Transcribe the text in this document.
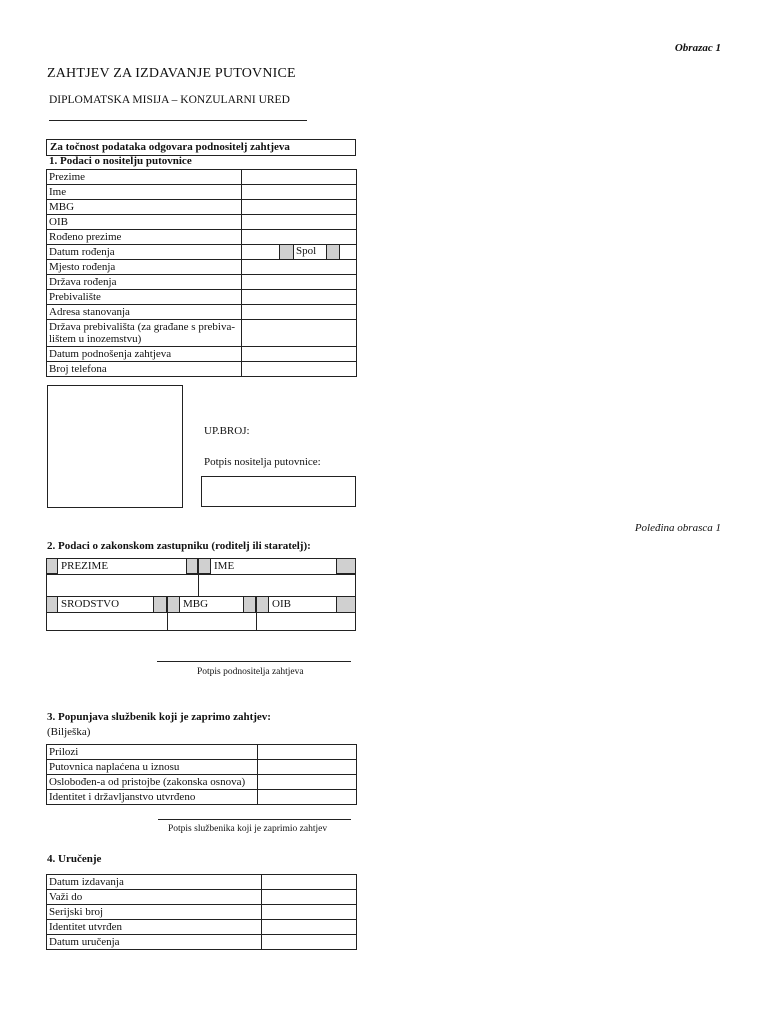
Obrazac 1
ZAHTJEV ZA IZDAVANJE PUTOVNICE
DIPLOMATSKA MISIJA – KONZULARNI URED
Za točnost podataka odgovara podnositelj zahtjeva
1. Podaci o nositelju putovnice
Prezime	
Ime	
MBG	
OIB	
Rođeno prezime	
Datum rođenja	Spol

Mjesto rođenja	
Država rođenja	
Prebivalište	
Adresa stanovanja	
Država prebivališta (za građane s prebiva- lištem u inozemstvu)	
Datum podnošenja zahtjeva	
Broj telefona	
UP.BROJ:
Potpis nositelja putovnice:
Poleđina obrasca 1
2. Podaci o zakonskom zastupniku (roditelj ili staratelj):
PREZIME	IME
SRODSTVO	MBG	OIB
Potpis podnositelja zahtjeva
3. Popunjava službenik koji je zaprimo zahtjev:
(Bilješka)
Prilozi	
Putovnica naplaćena u iznosu	
Oslobođen-a od pristojbe (zakonska osnova)	
Identitet i državljanstvo utvrđeno	
Potpis službenika koji je zaprimio zahtjev
4. Uručenje
Datum izdavanja	
Važi do	
Serijski broj	
Identitet utvrđen	
Datum uručenja	
